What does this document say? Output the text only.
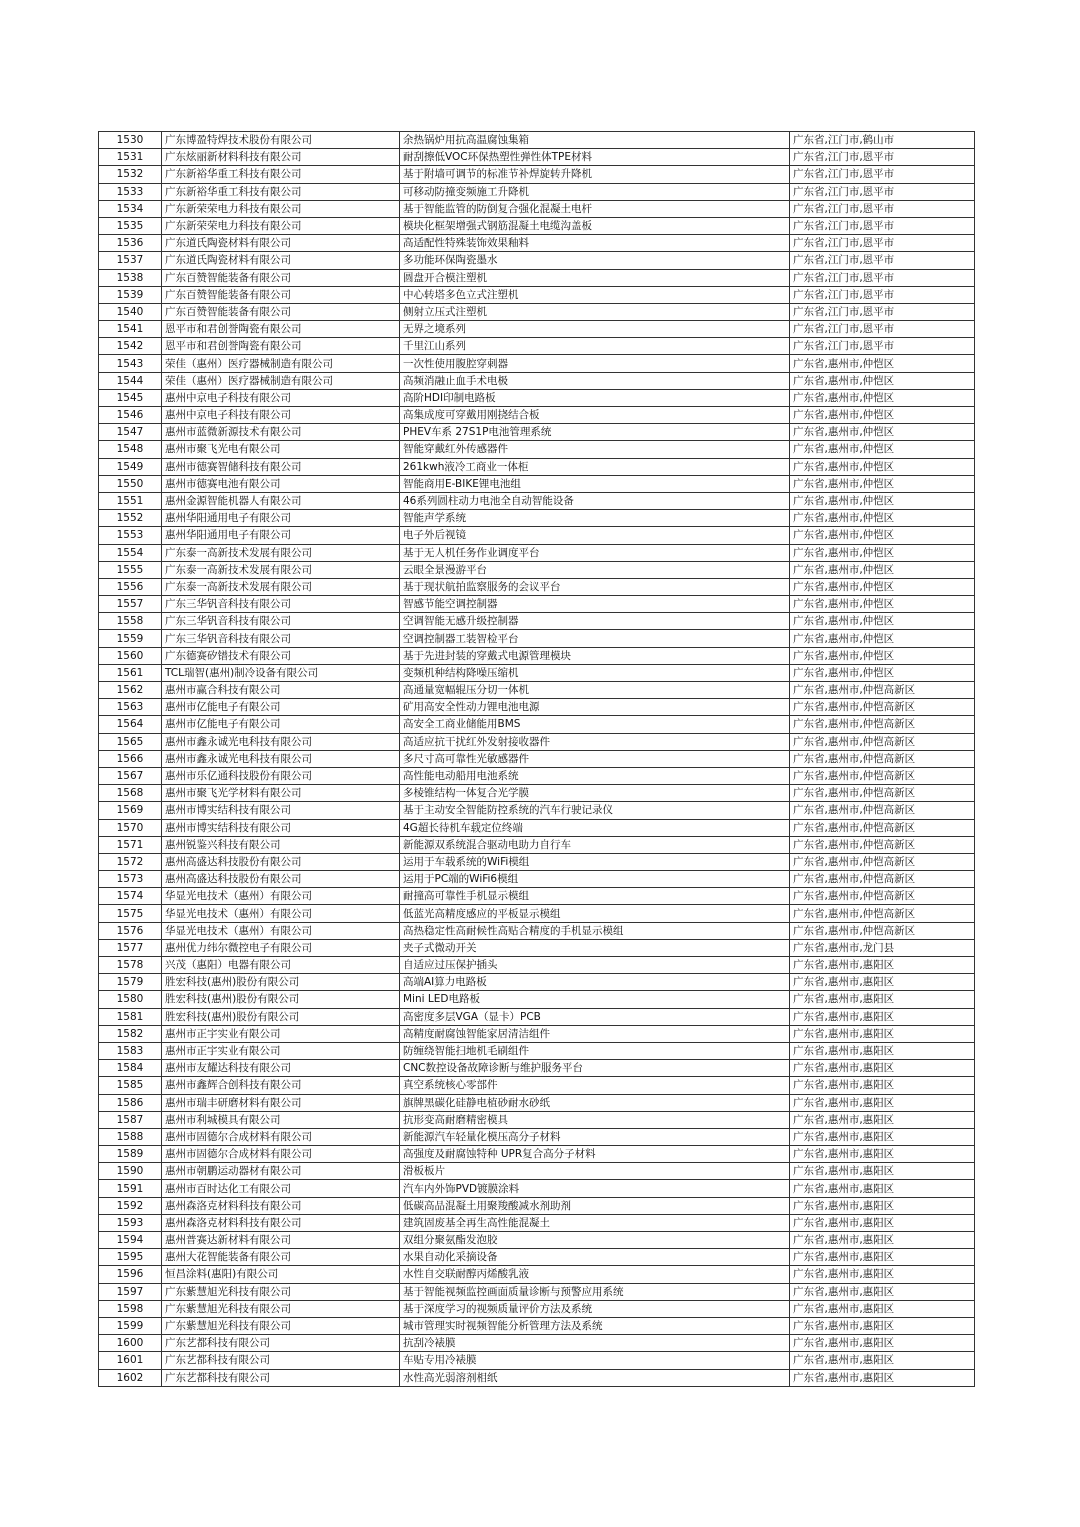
1530	广东博盈特焊技术股份有限公司	余热锅炉用抗高温腐蚀集箱	广东省,江门市,鹤山市
1531	广东炫丽新材料科技有限公司	耐刮擦低VOC环保热塑性弹性体TPE材料	广东省,江门市,恩平市
1532	广东新裕华重工科技有限公司	基于附墙可调节的标准节补焊旋转升降机	广东省,江门市,恩平市
1533	广东新裕华重工科技有限公司	可移动防撞变频施工升降机	广东省,江门市,恩平市
1534	广东新荣荣电力科技有限公司	基于智能监管的防倒复合强化混凝土电杆	广东省,江门市,恩平市
1535	广东新荣荣电力科技有限公司	模块化框架增强式钢筋混凝土电缆沟盖板	广东省,江门市,恩平市
1536	广东道氏陶瓷材料有限公司	高适配性特殊装饰效果釉料	广东省,江门市,恩平市
1537	广东道氏陶瓷材料有限公司	多功能环保陶瓷墨水	广东省,江门市,恩平市
1538	广东百赞智能装备有限公司	圆盘开合模注塑机	广东省,江门市,恩平市
1539	广东百赞智能装备有限公司	中心转塔多色立式注塑机	广东省,江门市,恩平市
1540	广东百赞智能装备有限公司	侧射立压式注塑机	广东省,江门市,恩平市
1541	恩平市和君创誉陶瓷有限公司	无界之境系列	广东省,江门市,恩平市
1542	恩平市和君创誉陶瓷有限公司	千里江山系列	广东省,江门市,恩平市
1543	荣佳（惠州）医疗器械制造有限公司	一次性使用腹腔穿刺器	广东省,惠州市,仲恺区
1544	荣佳（惠州）医疗器械制造有限公司	高频消融止血手术电极	广东省,惠州市,仲恺区
1545	惠州中京电子科技有限公司	高阶HDI印制电路板	广东省,惠州市,仲恺区
1546	惠州中京电子科技有限公司	高集成度可穿戴用刚挠结合板	广东省,惠州市,仲恺区
1547	惠州市蓝微新源技术有限公司	PHEV车系 27S1P电池管理系统	广东省,惠州市,仲恺区
1548	惠州市聚飞光电有限公司	智能穿戴红外传感器件	广东省,惠州市,仲恺区
1549	惠州市德赛智储科技有限公司	261kwh液冷工商业一体柜	广东省,惠州市,仲恺区
1550	惠州市德赛电池有限公司	智能商用E-BIKE锂电池组	广东省,惠州市,仲恺区
1551	惠州金源智能机器人有限公司	46系列圆柱动力电池全自动智能设备	广东省,惠州市,仲恺区
1552	惠州华阳通用电子有限公司	智能声学系统	广东省,惠州市,仲恺区
1553	惠州华阳通用电子有限公司	电子外后视镜	广东省,惠州市,仲恺区
1554	广东泰一高新技术发展有限公司	基于无人机任务作业调度平台	广东省,惠州市,仲恺区
1555	广东泰一高新技术发展有限公司	云眼全景漫游平台	广东省,惠州市,仲恺区
1556	广东泰一高新技术发展有限公司	基于现状航拍监察服务的会议平台	广东省,惠州市,仲恺区
1557	广东三华钒音科技有限公司	智感节能空调控制器	广东省,惠州市,仲恺区
1558	广东三华钒音科技有限公司	空调智能无感升级控制器	广东省,惠州市,仲恺区
1559	广东三华钒音科技有限公司	空调控制器工装智检平台	广东省,惠州市,仲恺区
1560	广东德赛矽镨技术有限公司	基于先进封装的穿戴式电源管理模块	广东省,惠州市,仲恺区
1561	TCL瑞智(惠州)制冷设备有限公司	变频机种结构降噪压缩机	广东省,惠州市,仲恺区
1562	惠州市赢合科技有限公司	高通量宽幅辊压分切一体机	广东省,惠州市,仲恺高新区
1563	惠州市亿能电子有限公司	矿用高安全性动力锂电池电源	广东省,惠州市,仲恺高新区
1564	惠州市亿能电子有限公司	高安全工商业储能用BMS	广东省,惠州市,仲恺高新区
1565	惠州市鑫永诚光电科技有限公司	高适应抗干扰红外发射接收器件	广东省,惠州市,仲恺高新区
1566	惠州市鑫永诚光电科技有限公司	多尺寸高可靠性光敏感器件	广东省,惠州市,仲恺高新区
1567	惠州市乐亿通科技股份有限公司	高性能电动船用电池系统	广东省,惠州市,仲恺高新区
1568	惠州市聚飞光学材料有限公司	多棱锥结构一体复合光学膜	广东省,惠州市,仲恺高新区
1569	惠州市博实结科技有限公司	基于主动安全智能防控系统的汽车行驶记录仪	广东省,惠州市,仲恺高新区
1570	惠州市博实结科技有限公司	4G超长待机车载定位终端	广东省,惠州市,仲恺高新区
1571	惠州锐鉴兴科技有限公司	新能源双系统混合驱动电助力自行车	广东省,惠州市,仲恺高新区
1572	惠州高盛达科技股份有限公司	运用于车载系统的WiFi模组	广东省,惠州市,仲恺高新区
1573	惠州高盛达科技股份有限公司	运用于PC端的WiFi6模组	广东省,惠州市,仲恺高新区
1574	华显光电技术（惠州）有限公司	耐撞高可靠性手机显示模组	广东省,惠州市,仲恺高新区
1575	华显光电技术（惠州）有限公司	低蓝光高精度感应的平板显示模组	广东省,惠州市,仲恺高新区
1576	华显光电技术（惠州）有限公司	高热稳定性高耐候性高贴合精度的手机显示模组	广东省,惠州市,仲恺高新区
1577	惠州优力纬尔微控电子有限公司	夹子式微动开关	广东省,惠州市,龙门县
1578	兴茂（惠阳）电器有限公司	自适应过压保护插头	广东省,惠州市,惠阳区
1579	胜宏科技(惠州)股份有限公司	高端AI算力电路板	广东省,惠州市,惠阳区
1580	胜宏科技(惠州)股份有限公司	Mini LED电路板	广东省,惠州市,惠阳区
1581	胜宏科技(惠州)股份有限公司	高密度多层VGA（显卡）PCB	广东省,惠州市,惠阳区
1582	惠州市正宇实业有限公司	高精度耐腐蚀智能家居清洁组件	广东省,惠州市,惠阳区
1583	惠州市正宇实业有限公司	防缠绕智能扫地机毛刷组件	广东省,惠州市,惠阳区
1584	惠州市友耀达科技有限公司	CNC数控设备故障诊断与维护服务平台	广东省,惠州市,惠阳区
1585	惠州市鑫辉合创科技有限公司	真空系统核心零部件	广东省,惠州市,惠阳区
1586	惠州市瑞丰研磨材料有限公司	旗牌黑碳化硅静电植砂耐水砂纸	广东省,惠州市,惠阳区
1587	惠州市利城模具有限公司	抗形变高耐磨精密模具	广东省,惠州市,惠阳区
1588	惠州市固德尔合成材料有限公司	新能源汽车轻量化模压高分子材料	广东省,惠州市,惠阳区
1589	惠州市固德尔合成材料有限公司	高强度及耐腐蚀特种 UPR复合高分子材料	广东省,惠州市,惠阳区
1590	惠州市朝鹏运动器材有限公司	滑板板片	广东省,惠州市,惠阳区
1591	惠州市百时达化工有限公司	汽车内外饰PVD镀膜涂料	广东省,惠州市,惠阳区
1592	惠州森洛克材料科技有限公司	低碳高品混凝土用聚羧酸减水剂助剂	广东省,惠州市,惠阳区
1593	惠州森洛克材料科技有限公司	建筑固废基全再生高性能混凝土	广东省,惠州市,惠阳区
1594	惠州普赛达新材料有限公司	双组分聚氨酯发泡胶	广东省,惠州市,惠阳区
1595	惠州大花智能装备有限公司	水果自动化采摘设备	广东省,惠州市,惠阳区
1596	恒昌涂料(惠阳)有限公司	水性自交联耐醇丙烯酸乳液	广东省,惠州市,惠阳区
1597	广东紫慧旭光科技有限公司	基于智能视频监控画面质量诊断与预警应用系统	广东省,惠州市,惠阳区
1598	广东紫慧旭光科技有限公司	基于深度学习的视频质量评价方法及系统	广东省,惠州市,惠阳区
1599	广东紫慧旭光科技有限公司	城市管理实时视频智能分析管理方法及系统	广东省,惠州市,惠阳区
1600	广东艺都科技有限公司	抗刮冷裱膜	广东省,惠州市,惠阳区
1601	广东艺都科技有限公司	车贴专用冷裱膜	广东省,惠州市,惠阳区
1602	广东艺都科技有限公司	水性高光弱溶剂相纸	广东省,惠州市,惠阳区
